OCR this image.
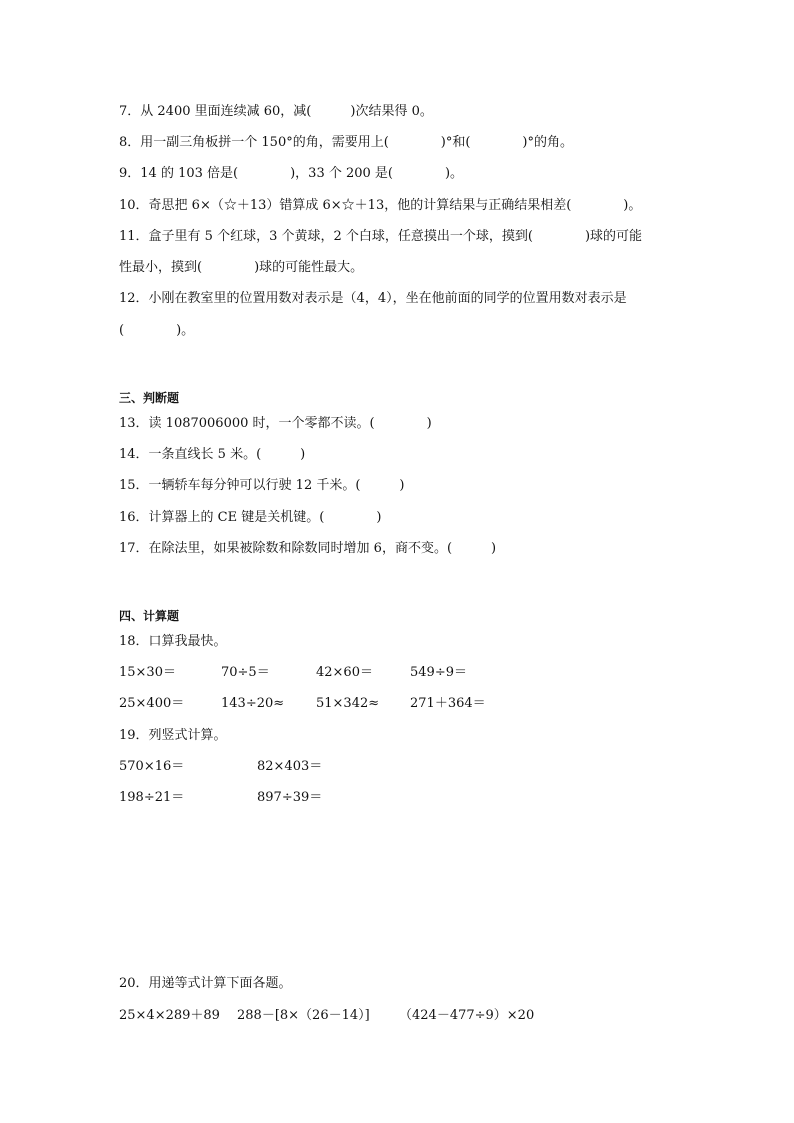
7．从 2400 里面连续减 60，减(　　　)次结果得 0。
8．用一副三角板拼一个 150°的角，需要用上(　　　　)°和(　　　　)°的角。
9．14 的 103 倍是(　　　　)，33 个 200 是(　　　　)。
10．奇思把 6×（☆＋13）错算成 6×☆＋13，他的计算结果与正确结果相差(　　　　)。
11．盒子里有 5 个红球，3 个黄球，2 个白球，任意摸出一个球，摸到(　　　　)球的可能
性最小，摸到(　　　　)球的可能性最大。
12．小刚在教室里的位置用数对表示是（4，4），坐在他前面的同学的位置用数对表示是
(　　　　)。
三、判断题
13．读 1087006000 时，一个零都不读。(　　　　)
14．一条直线长 5 米。(　　　)
15．一辆轿车每分钟可以行驶 12 千米。(　　　)
16．计算器上的 CE 键是关机键。(　　　　)
17．在除法里，如果被除数和除数同时增加 6，商不变。(　　　)
四、计算题
18．口算我最快。
15×30＝	70÷5＝	42×60＝	549÷9＝
25×400＝	143÷20≈ 51×342≈ 271＋364＝
19．列竖式计算。
570×16＝	82×403＝
198÷21＝	897÷39＝
20．用递等式计算下面各题。
25×4×289＋89 288－[8×（26－14）] （424－477÷9）×20
